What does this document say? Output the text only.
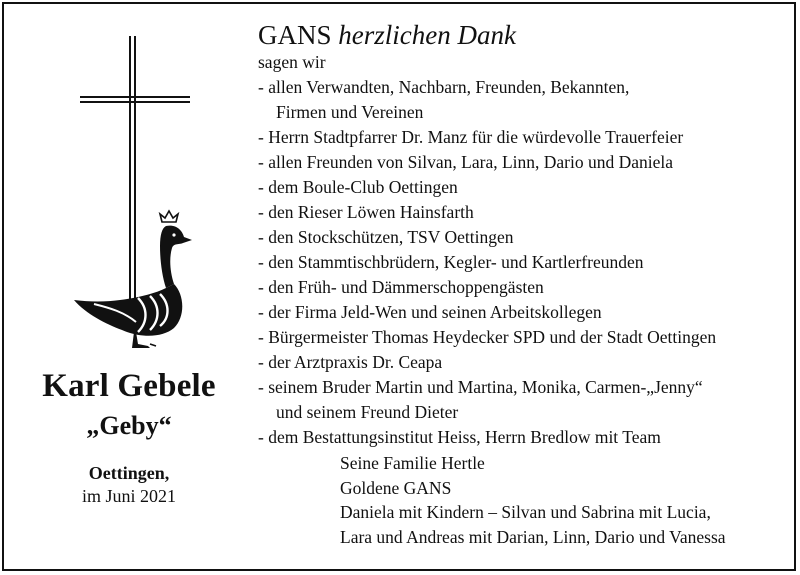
Karl Gebele
„Geby“
Oettingen,
im Juni 2021
GANS herzlichen Dank
sagen wir
- allen Verwandten, Nachbarn, Freunden, Bekannten,
Firmen und Vereinen
- Herrn Stadtpfarrer Dr. Manz für die würdevolle Trauerfeier
- allen Freunden von Silvan, Lara, Linn, Dario und Daniela
- dem Boule-Club Oettingen
- den Rieser Löwen Hainsfarth
- den Stockschützen, TSV Oettingen
- den Stammtischbrüdern, Kegler- und Kartlerfreunden
- den Früh- und Dämmerschoppengästen
- der Firma Jeld-Wen und seinen Arbeitskollegen
- Bürgermeister Thomas Heydecker SPD und der Stadt Oettingen
- der Arztpraxis Dr. Ceapa
- seinem Bruder Martin und Martina, Monika, Carmen-„Jenny“
und seinem Freund Dieter
- dem Bestattungsinstitut Heiss, Herrn Bredlow mit Team
Seine Familie Hertle
Goldene GANS
Daniela mit Kindern – Silvan und Sabrina mit Lucia,
Lara und Andreas mit Darian, Linn, Dario und Vanessa
